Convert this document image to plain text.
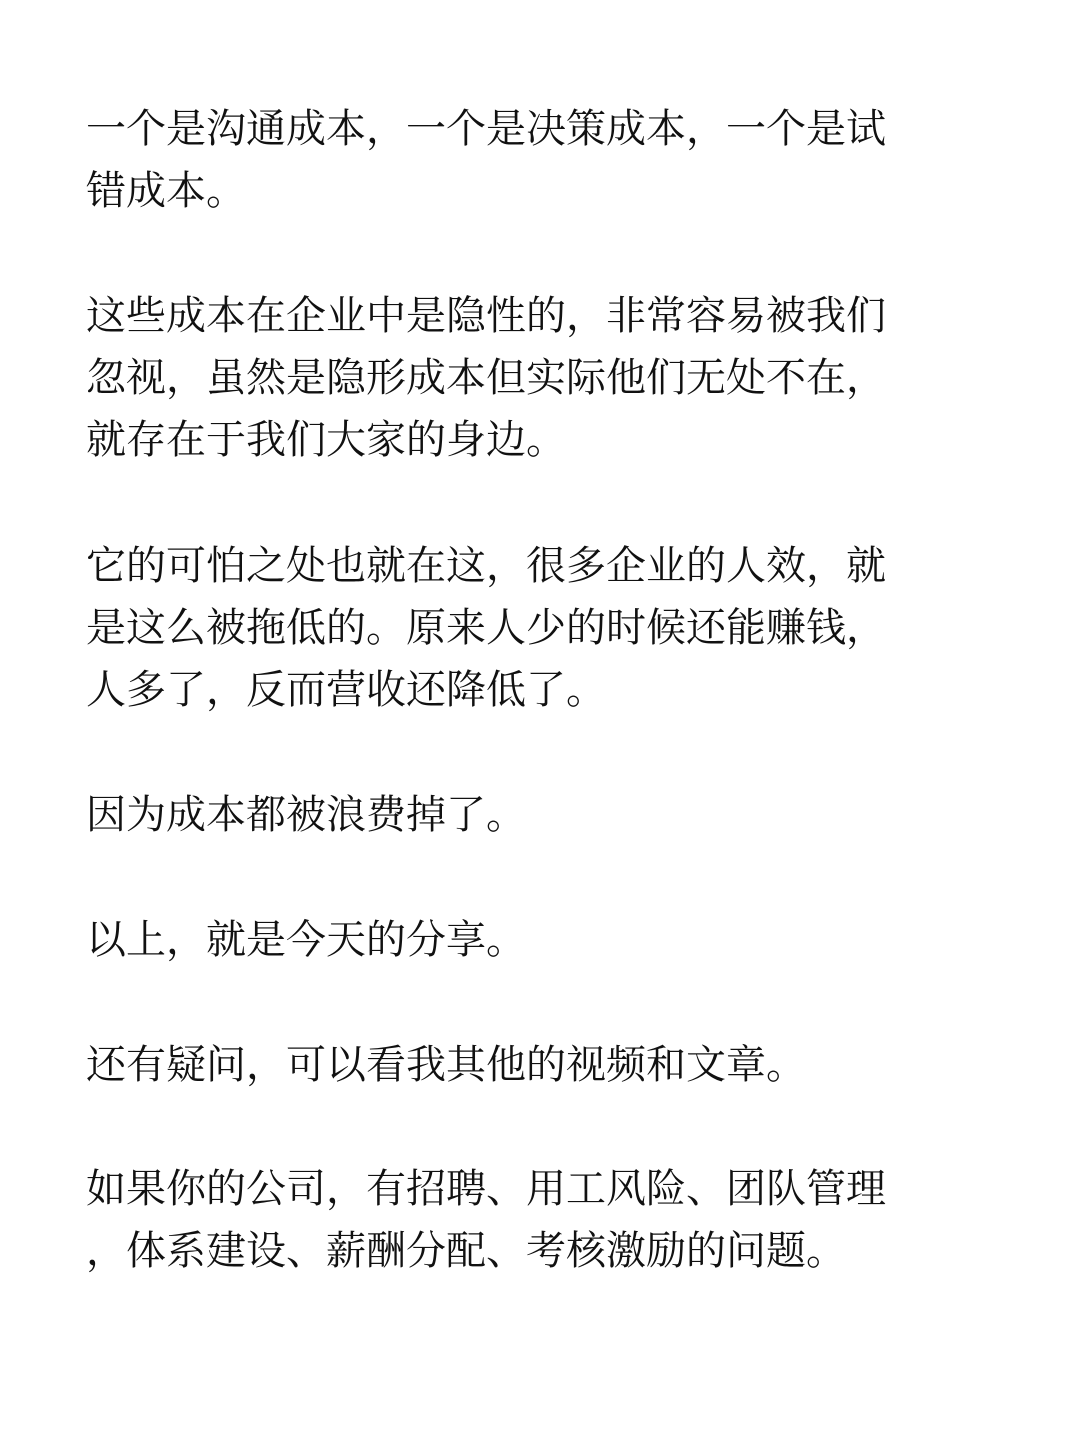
一个是沟通成本，一个是决策成本，一个是试
错成本。

这些成本在企业中是隐性的，非常容易被我们
忽视，虽然是隐形成本但实际他们无处不在，
就存在于我们大家的身边。

它的可怕之处也就在这，很多企业的人效，就
是这么被拖低的。原来人少的时候还能赚钱，
人多了，反而营收还降低了。

因为成本都被浪费掉了。

以上，就是今天的分享。

还有疑问，可以看我其他的视频和文章。

如果你的公司，有招聘、用工风险、团队管理
，体系建设、薪酬分配、考核激励的问题。
